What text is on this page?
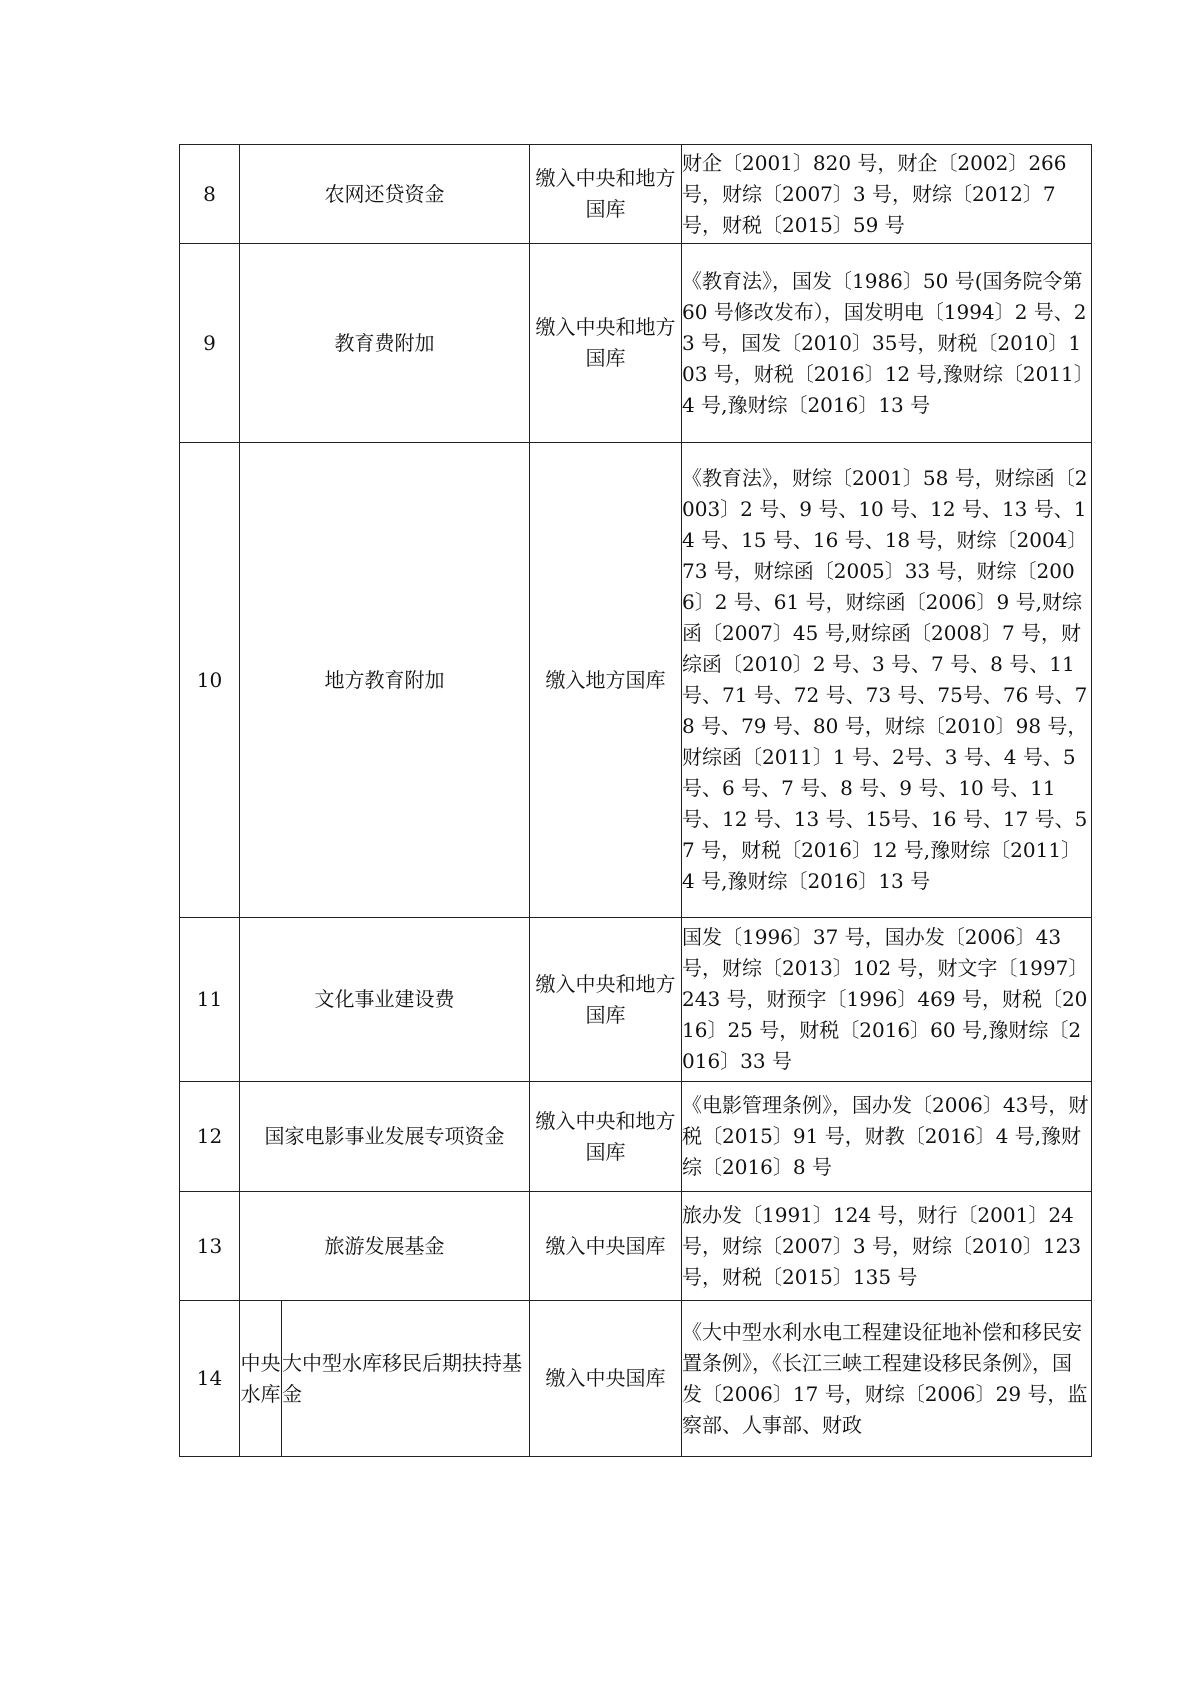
8	农网还贷资金		缴入中央和地方国库	财企〔2001〕820 号，财企〔2002〕266号，财综〔2007〕3 号，财综〔2012〕7号，财税〔2015〕59 号
9	教育费附加		缴入中央和地方国库	《教育法》，国发〔1986〕50 号(国务院令第 60 号修改发布），国发明电〔1994〕2 号、23 号，国发〔2010〕35号，财税〔2010〕103 号，财税〔2016〕12 号,豫财综〔2011〕4 号,豫财综〔2016〕13 号
10	地方教育附加		缴入地方国库	《教育法》，财综〔2001〕58 号，财综函〔2003〕2 号、9 号、10 号、12 号、13 号、14 号、15 号、16 号、18 号，财综〔2004〕73 号，财综函〔2005〕33 号，财综〔2006〕2 号、61 号，财综函〔2006〕9 号,财综函〔2007〕45 号,财综函〔2008〕7 号，财综函〔2010〕2 号、3 号、7 号、8 号、11 号、71 号、72 号、73 号、75号、76 号、78 号、79 号、80 号，财综〔2010〕98 号，财综函〔2011〕1 号、2号、3 号、4 号、5 号、6 号、7 号、8 号、9 号、10 号、11 号、12 号、13 号、15号、16 号、17 号、57 号，财税〔2016〕12 号,豫财综〔2011〕4 号,豫财综〔2016〕13 号
11	文化事业建设费		缴入中央和地方国库	国发〔1996〕37 号，国办发〔2006〕43号，财综〔2013〕102 号，财文字〔1997〕243 号，财预字〔1996〕469 号，财税〔2016〕25 号，财税〔2016〕60 号,豫财综〔2016〕33 号
12	国家电影事业发展专项资金		缴入中央和地方国库	《电影管理条例》，国办发〔2006〕43号，财税〔2015〕91 号，财教〔2016〕4 号,豫财综〔2016〕8 号
13	旅游发展基金		缴入中央国库	旅办发〔1991〕124 号，财行〔2001〕24 号，财综〔2007〕3 号，财综〔2010〕123 号，财税〔2015〕135 号
14	中央水库	大中型水库移民后期扶持基金	缴入中央国库	《大中型水利水电工程建设征地补偿和移民安置条例》，《长江三峡工程建设移民条例》，国发〔2006〕17 号，财综〔2006〕29 号，监察部、人事部、财政
